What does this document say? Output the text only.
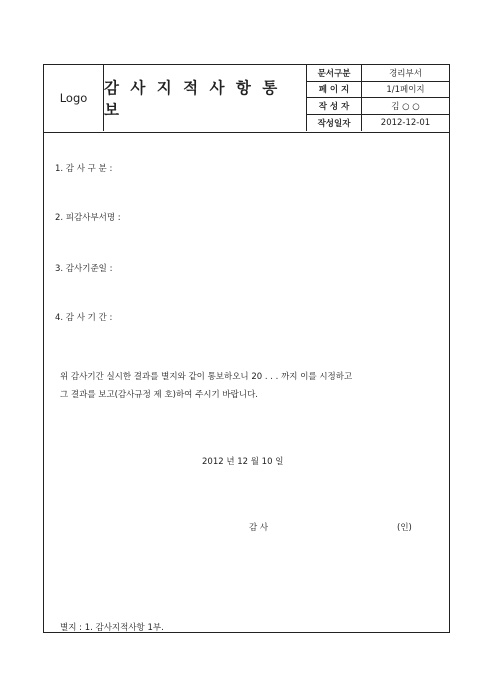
Logo
감 사 지 적 사 항 통 보
문서구분	경리부서
페 이 지	1/1페이지
작 성 자	김 ○ ○
작성일자	2012-12-01
1. 감 사 구 분 :
2. 피감사부서명 :
3. 감사기준일 :
4. 감 사 기 간 :
위 감사기간 실시한 결과를 별지와 같이 통보하오니 20 . . . 까지 이를 시정하고
그 결과를 보고(감사규정 제 호)하여 주시기 바랍니다.
2012 년 12 월 10 일
감 사	(인)
별지 : 1. 감사지적사항 1부.
